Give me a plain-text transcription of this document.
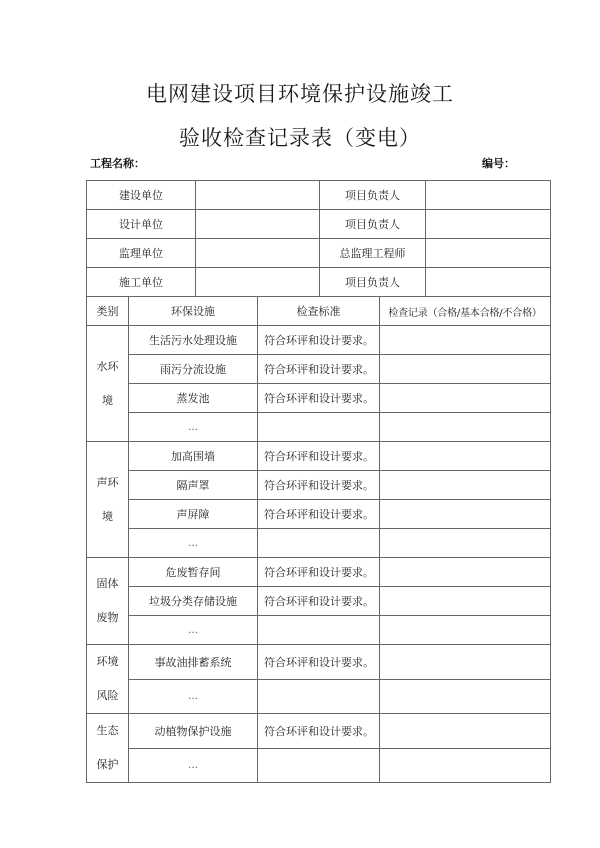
电网建设项目环境保护设施竣工
验收检查记录表（变电）
工程名称：	编号：
建设单位				项目负责人		
设计单位				项目负责人		
监理单位				总监理工程师		
施工单位				项目负责人		
类别	环保设施		检查标准		检查记录（合格/基本合格/不合格）	
水环
境	生活污水处理设施		符合环评和设计要求。			
	雨污分流设施		符合环评和设计要求。			
	蒸发池		符合环评和设计要求。			
	…					
声环
境	加高围墙		符合环评和设计要求。			
	隔声罩		符合环评和设计要求。			
	声屏障		符合环评和设计要求。			
	…					
固体
废物	危废暂存间		符合环评和设计要求。			
	垃圾分类存储设施		符合环评和设计要求。			
	…					
环境
风险	事故油排蓄系统		符合环评和设计要求。			
	…					
生态
保护	动植物保护设施		符合环评和设计要求。			
	…					
